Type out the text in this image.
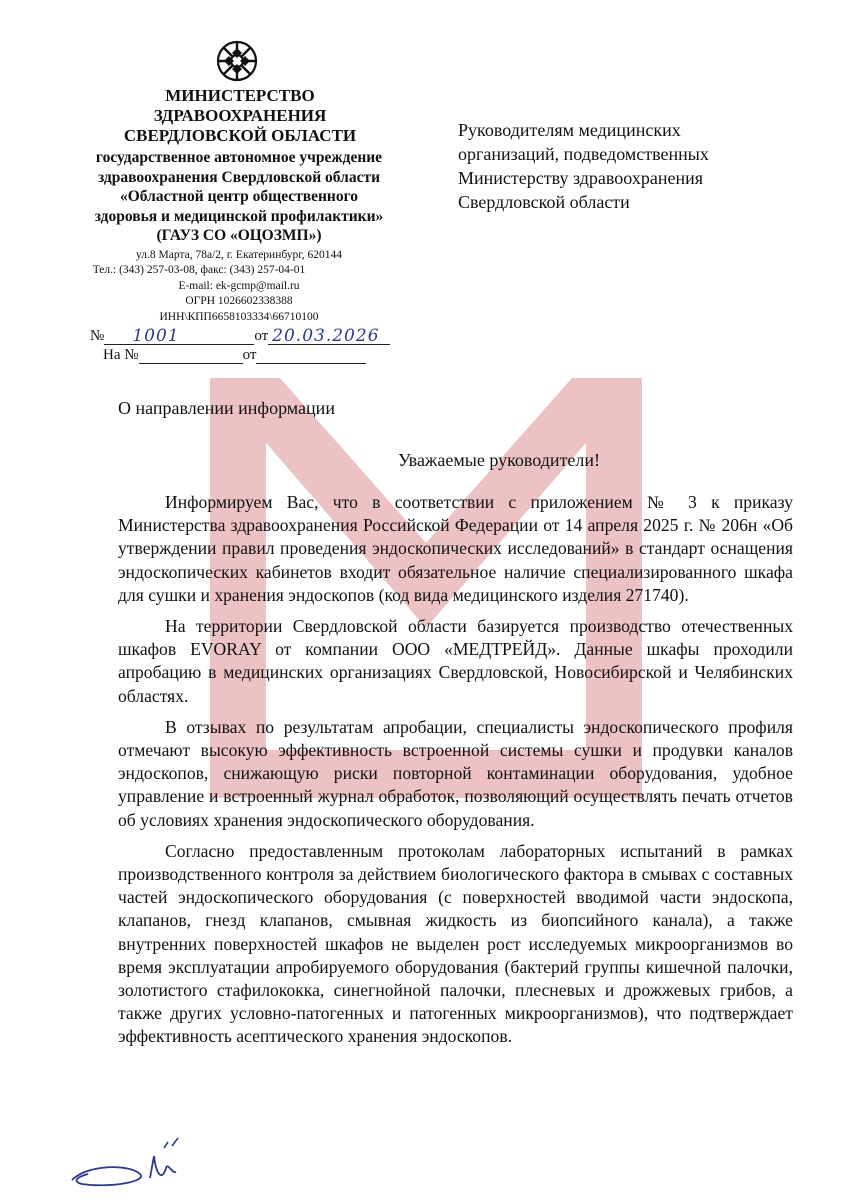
МИНИСТЕРСТВО
ЗДРАВООХРАНЕНИЯ
СВЕРДЛОВСКОЙ ОБЛАСТИ
государственное автономное учреждение
здравоохранения Свердловской области
«Областной центр общественного
здоровья и медицинской профилактики»
(ГАУЗ СО «ОЦОЗМП»)
ул.8 Марта, 78а/2, г. Екатеринбург, 620144
Тел.: (343) 257-03-08, факс: (343) 257-04-01
E-mail: ek-gcmp@mail.ru
ОГРН 1026602338388
ИНН\КПП6658103334\66710100
№ 1001	от 20.03.2026
На №	от
Руководителям медицинских
организаций, подведомственных
Министерству здравоохранения
Свердловской области
О направлении информации
Уважаемые руководители!

Информируем Вас, что в соответствии с приложением № 3 к приказу Министерства здравоохранения Российской Федерации от 14 апреля 2025 г. № 206н «Об утверждении правил проведения эндоскопических исследований» в стандарт оснащения эндоскопических кабинетов входит обязательное наличие специализированного шкафа для сушки и хранения эндоскопов (код вида медицинского изделия 271740).

На территории Свердловской области базируется производство отечественных шкафов EVORAY от компании ООО «МЕДТРЕЙД». Данные шкафы проходили апробацию в медицинских организациях Свердловской, Новосибирской и Челябинских областях.

В отзывах по результатам апробации, специалисты эндоскопического профиля отмечают высокую эффективность встроенной системы сушки и продувки каналов эндоскопов, снижающую риски повторной контаминации оборудования, удобное управление и встроенный журнал обработок, позволяющий осуществлять печать отчетов об условиях хранения эндоскопического оборудования.

Согласно предоставленным протоколам лабораторных испытаний в рамках производственного контроля за действием биологического фактора в смывах с составных частей эндоскопического оборудования (с поверхностей вводимой части эндоскопа, клапанов, гнезд клапанов, смывная жидкость из биопсийного канала), а также внутренних поверхностей шкафов не выделен рост исследуемых микроорганизмов во время эксплуатации апробируемого оборудования (бактерий группы кишечной палочки, золотистого стафилококка, синегнойной палочки, плесневых и дрожжевых грибов, а также других условно-патогенных и патогенных микроорганизмов), что подтверждает эффективность асептического хранения эндоскопов.
